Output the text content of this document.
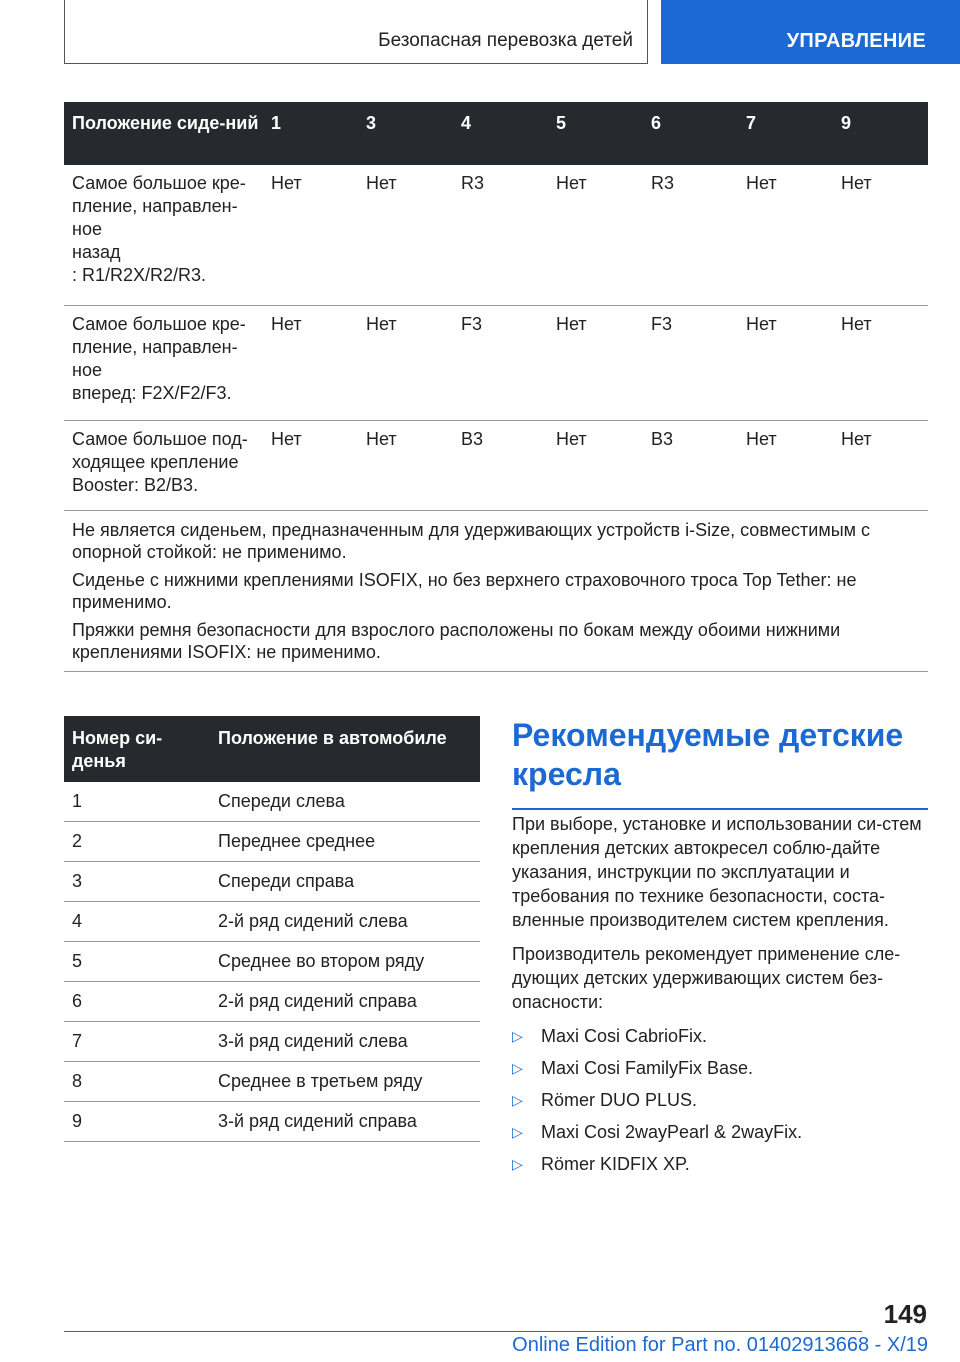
Безопасная перевозка детей	УПРАВЛЕНИЕ
Положение сиде-ний	1	3	4	5	6	7	9
Самое большое кре-пление, направлен-ное
назад
: R1/R2X/R2/R3.	Нет	Нет	R3	Нет	R3	Нет	Нет
Самое большое кре-пление, направлен-ное
вперед: F2X/F2/F3.	Нет	Нет	F3	Нет	F3	Нет	Нет
Самое большое под-ходящее крепление
Booster: B2/B3.	Нет	Нет	B3	Нет	B3	Нет	Нет

Не является сиденьем, предназначенным для удерживающих устройств i-Size, совместимым с опорной стойкой: не применимо.

Сиденье с нижними креплениями ISOFIX, но без верхнего страховочного троса Top Tether: не применимо.

Пряжки ремня безопасности для взрослого расположены по бокам между обоими нижними креплениями ISOFIX: не применимо.							

Номер си-денья	Положение в автомобиле
1	Спереди слева
2	Переднее среднее
3	Спереди справа
4	2-й ряд сидений слева
5	Среднее во втором ряду
6	2-й ряд сидений справа
7	3-й ряд сидений слева
8	Среднее в третьем ряду
9	3-й ряд сидений справа
Рекомендуемые детские кресла

При выборе, установке и использовании си-стем крепления детских автокресел соблю-дайте указания, инструкции по эксплуатации и требования по технике безопасности, соста-вленные производителем систем крепления.

Производитель рекомендует применение сле-дующих детских удерживающих систем без-опасности:

▷ Maxi Cosi CabrioFix.
▷ Maxi Cosi FamilyFix Base.
▷ Römer DUO PLUS.
▷ Maxi Cosi 2wayPearl & 2wayFix.
▷ Römer KIDFIX XP.
149
Online Edition for Part no. 01402913668 - X/19
